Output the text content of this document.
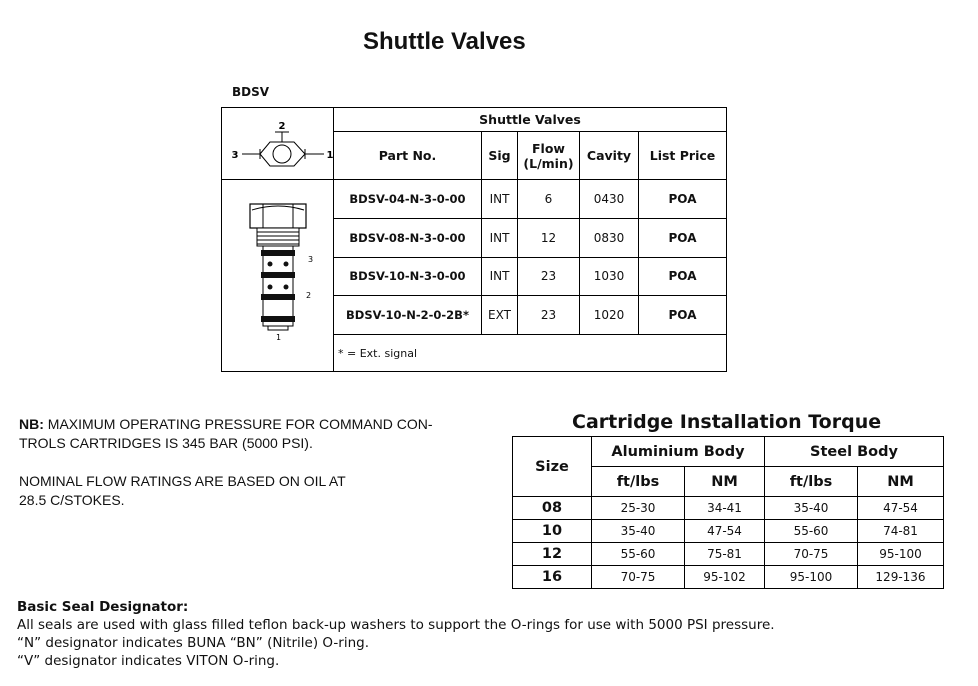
Shuttle Valves
BDSV
2
3 1	Shuttle Valves				
	Part No.	Sig	Flow (L/min)	Cavity	List Price

3
2
1	BDSV-04-N-3-0-00	INT	6	0430	POA
	BDSV-08-N-3-0-00	INT	12	0830	POA
	BDSV-10-N-3-0-00	INT	23	1030	POA
	BDSV-10-N-2-0-2B*	EXT	23	1020	POA
	* = Ext. signal				

NB: MAXIMUM OPERATING PRESSURE FOR COMMAND CON-
TROLS CARTRIDGES IS 345 BAR (5000 PSI).

NOMINAL FLOW RATINGS ARE BASED ON OIL AT
28.5 C/STOKES.

Cartridge Installation Torque
Size	Aluminium Body		Steel Body	
	ft/lbs	NM	ft/lbs	NM
08	25-30	34-41	35-40	47-54
10	35-40	47-54	55-60	74-81
12	55-60	75-81	70-75	95-100
16	70-75	95-102	95-100	129-136
Basic Seal Designator:
All seals are used with glass filled teflon back-up washers to support the O-rings for use with 5000 PSI pressure.
“N” designator indicates BUNA “BN” (Nitrile) O-ring.
“V” designator indicates VITON O-ring.
